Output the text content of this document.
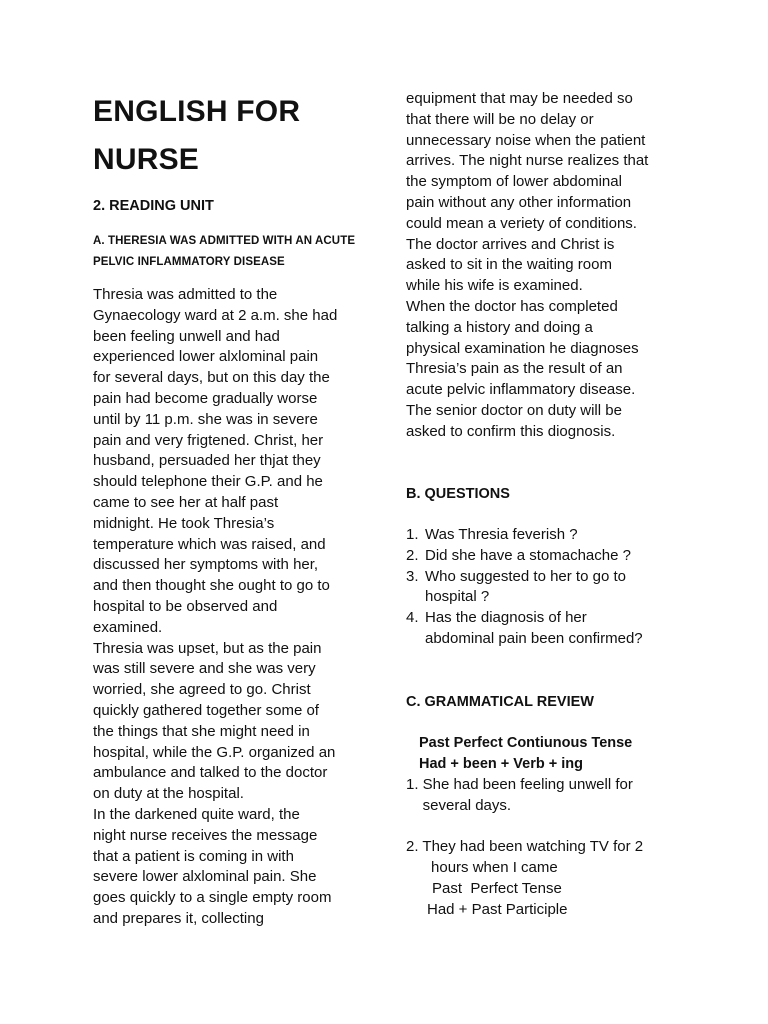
ENGLISH FOR NURSE
2. READING UNIT
A. THERESIA WAS ADMITTED WITH AN ACUTE PELVIC INFLAMMATORY DISEASE
Thresia was admitted to the
Gynaecology ward at 2 a.m. she had
been feeling unwell and had
experienced lower alxlominal pain
for several days, but on this day the
pain had become gradually worse
until by 11 p.m. she was in severe
pain and very frigtened. Christ, her
husband, persuaded her thjat they
should telephone their G.P. and he
came to see her at half past
midnight. He took Thresia’s
temperature which was raised, and
discussed her symptoms with her,
and then thought she ought to go to
hospital to be observed and
examined.
Thresia was upset, but as the pain
was still severe and she was very
worried, she agreed to go. Christ
quickly gathered together some of
the things that she might need in
hospital, while the G.P. organized an
ambulance and talked to the doctor
on duty at the hospital.
In the darkened quite ward, the
night nurse receives the message
that a patient is coming in with
severe lower alxlominal pain. She
goes quickly to a single empty room
and prepares it, collecting
equipment that may be needed so
that there will be no delay or
unnecessary noise when the patient
arrives. The night nurse realizes that
the symptom of lower abdominal
pain without any other information
could mean a veriety of conditions.
The doctor arrives and Christ is
asked to sit in the waiting room
while his wife is examined.
When the doctor has completed
talking a history and doing a
physical examination he diagnoses
Thresia’s pain as the result of an
acute pelvic inflammatory disease.
The senior doctor on duty will be
asked to confirm this diognosis.
B. QUESTIONS
1. Was Thresia feverish ?
2. Did she have a stomachache ?
3. Who suggested to her to go to
hospital ?
4. Has the diagnosis of her
abdominal pain been confirmed?
C. GRAMMATICAL REVIEW
Past Perfect Contiunous Tense
Had + been + Verb + ing
1. She had been feeling unwell for
several days.
2. They had been watching TV for 2
hours when I came
Past  Perfect Tense
Had + Past Participle
